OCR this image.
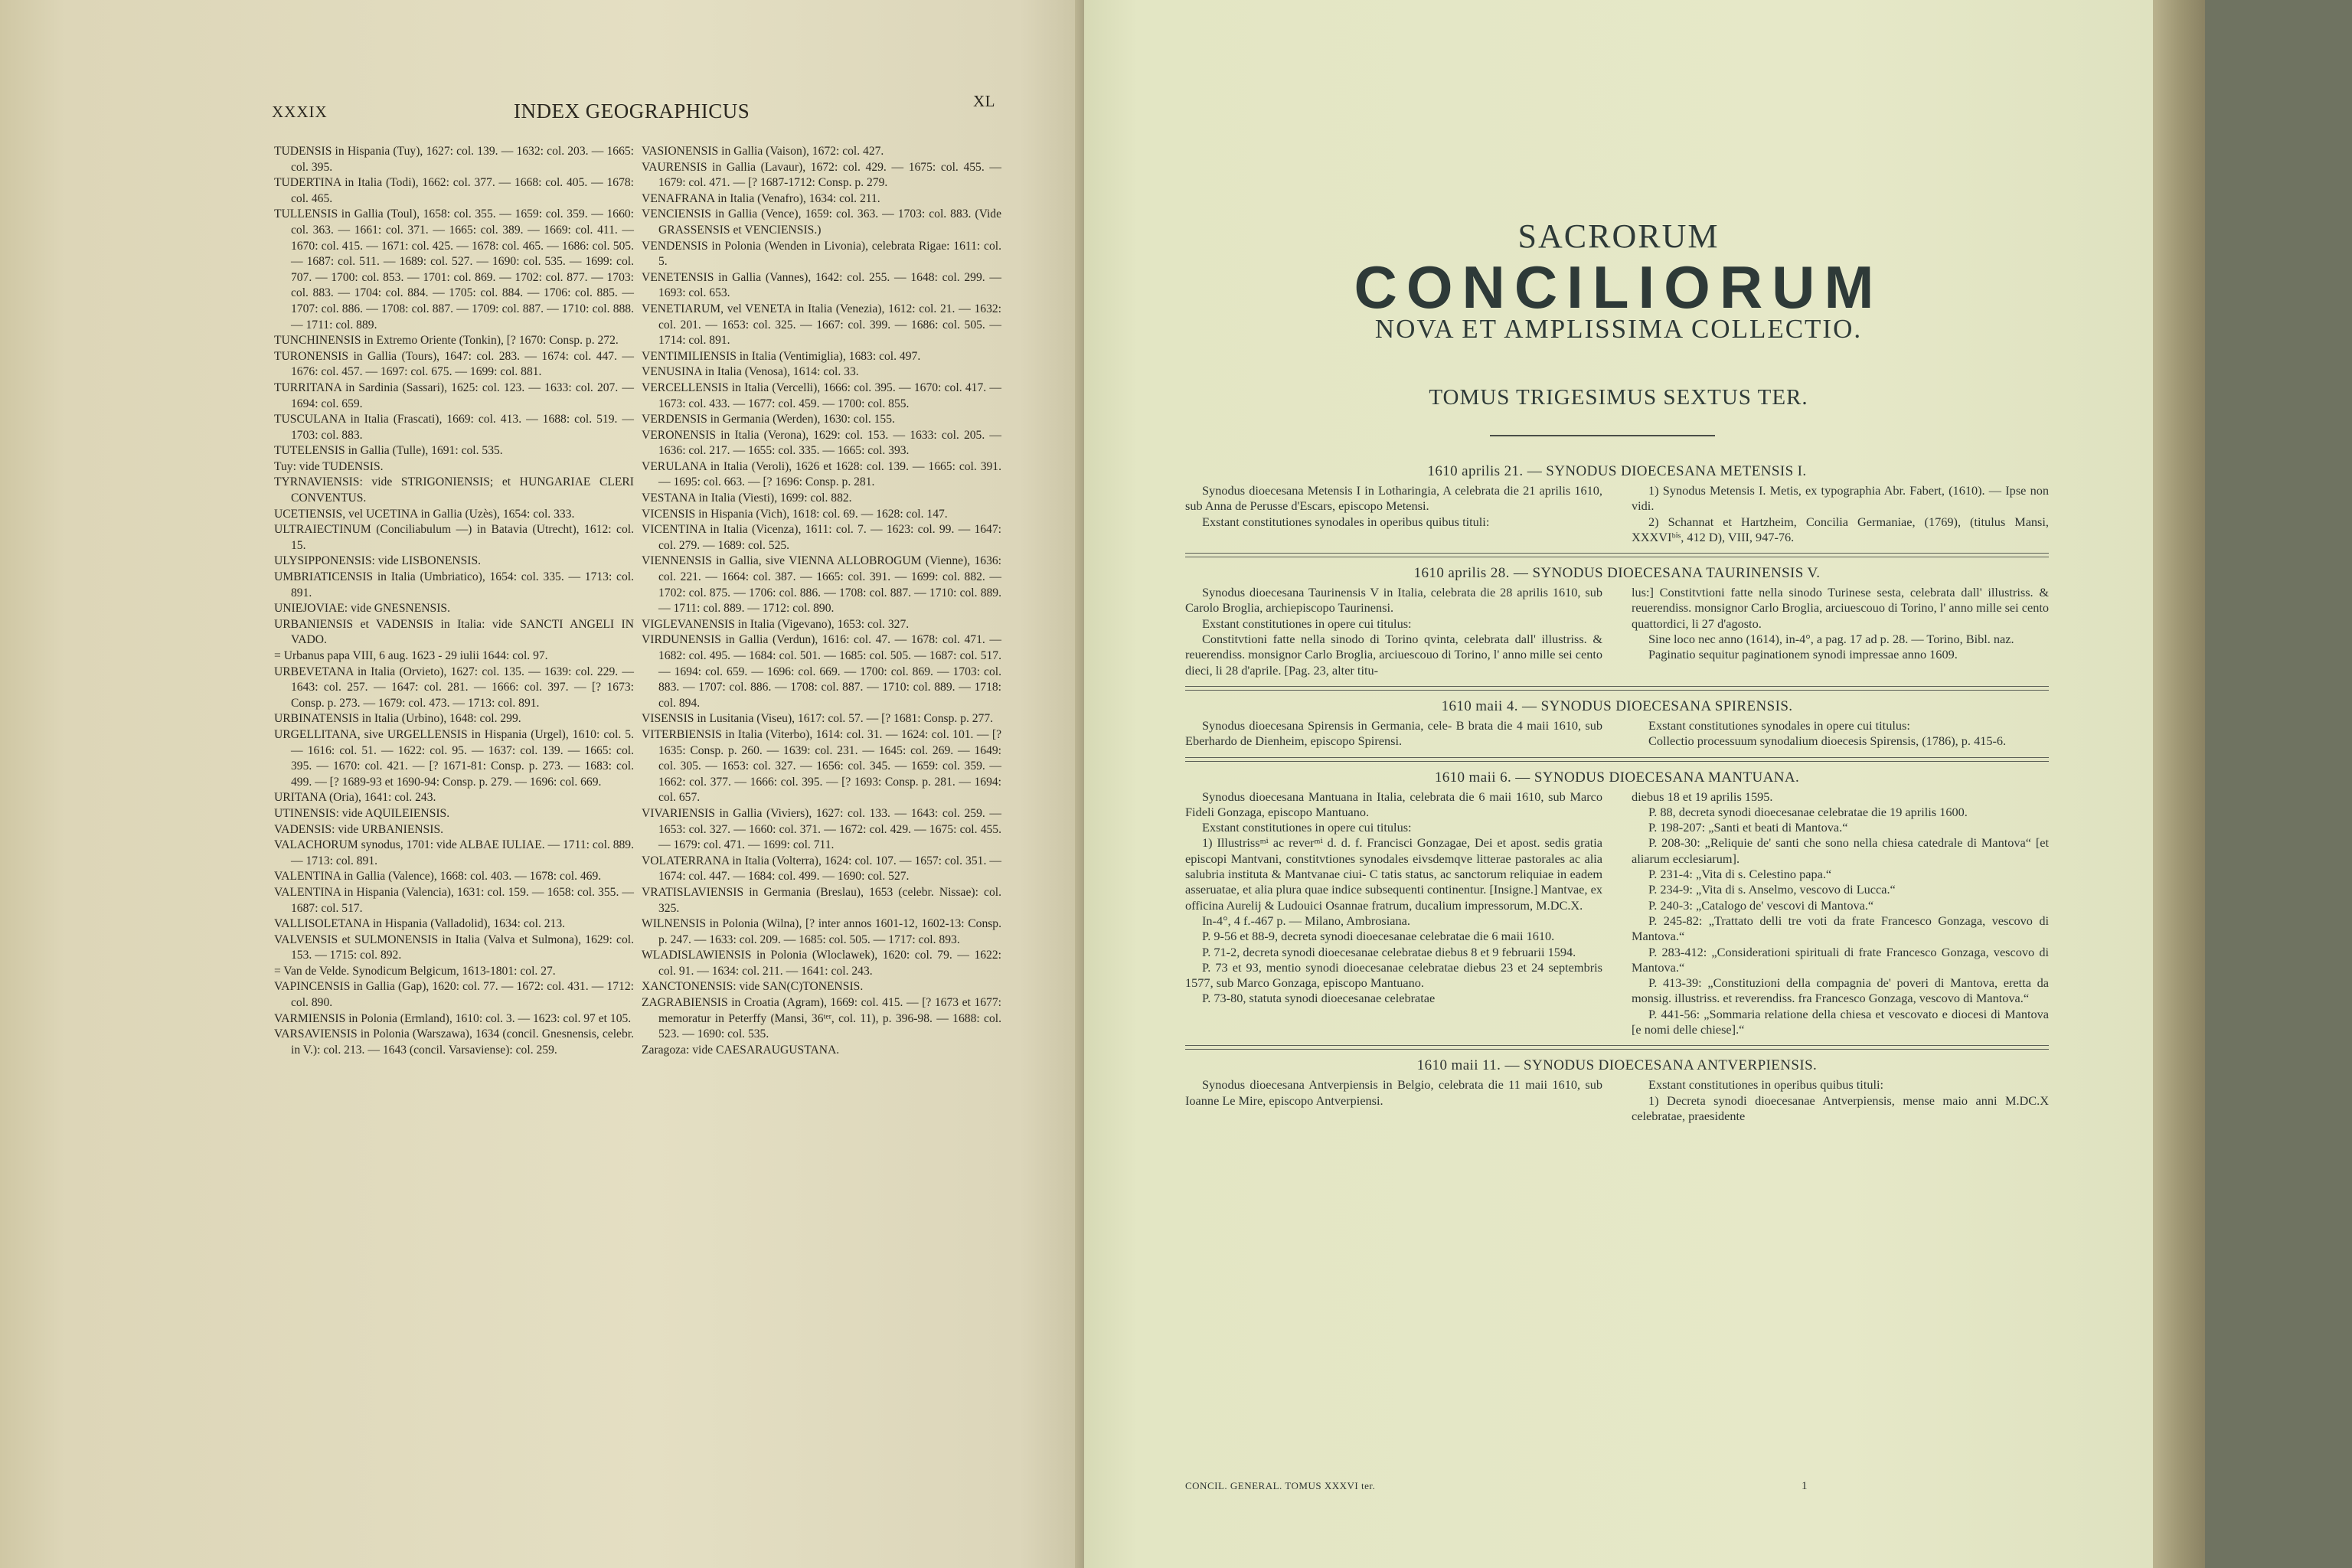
XXXIX	INDEX GEOGRAPHICUS	XL

TUDENSIS in Hispania (Tuy), 1627: col. 139. — 1632: col. 203. — 1665: col. 395.

TUDERTINA in Italia (Todi), 1662: col. 377. — 1668: col. 405. — 1678: col. 465.

TULLENSIS in Gallia (Toul), 1658: col. 355. — 1659: col. 359. — 1660: col. 363. — 1661: col. 371. — 1665: col. 389. — 1669: col. 411. — 1670: col. 415. — 1671: col. 425. — 1678: col. 465. — 1686: col. 505. — 1687: col. 511. — 1689: col. 527. — 1690: col. 535. — 1699: col. 707. — 1700: col. 853. — 1701: col. 869. — 1702: col. 877. — 1703: col. 883. — 1704: col. 884. — 1705: col. 884. — 1706: col. 885. — 1707: col. 886. — 1708: col. 887. — 1709: col. 887. — 1710: col. 888. — 1711: col. 889.

TUNCHINENSIS in Extremo Oriente (Tonkin), [? 1670: Consp. p. 272.

TURONENSIS in Gallia (Tours), 1647: col. 283. — 1674: col. 447. — 1676: col. 457. — 1697: col. 675. — 1699: col. 881.

TURRITANA in Sardinia (Sassari), 1625: col. 123. — 1633: col. 207. — 1694: col. 659.

TUSCULANA in Italia (Frascati), 1669: col. 413. — 1688: col. 519. — 1703: col. 883.

TUTELENSIS in Gallia (Tulle), 1691: col. 535.

Tuy: vide TUDENSIS.

TYRNAVIENSIS: vide STRIGONIENSIS; et HUNGARIAE CLERI CONVENTUS.

UCETIENSIS, vel UCETINA in Gallia (Uzès), 1654: col. 333.

ULTRAIECTINUM (Conciliabulum —) in Batavia (Utrecht), 1612: col. 15.

ULYSIPPONENSIS: vide LISBONENSIS.

UMBRIATICENSIS in Italia (Umbriatico), 1654: col. 335. — 1713: col. 891.

UNIEJOVIAE: vide GNESNENSIS.

URBANIENSIS et VADENSIS in Italia: vide SANCTI ANGELI IN VADO.

= Urbanus papa VIII, 6 aug. 1623 - 29 iulii 1644: col. 97.

URBEVETANA in Italia (Orvieto), 1627: col. 135. — 1639: col. 229. — 1643: col. 257. — 1647: col. 281. — 1666: col. 397. — [? 1673: Consp. p. 273. — 1679: col. 473. — 1713: col. 891.

URBINATENSIS in Italia (Urbino), 1648: col. 299.

URGELLITANA, sive URGELLENSIS in Hispania (Urgel), 1610: col. 5. — 1616: col. 51. — 1622: col. 95. — 1637: col. 139. — 1665: col. 395. — 1670: col. 421. — [? 1671-81: Consp. p. 273. — 1683: col. 499. — [? 1689-93 et 1690-94: Consp. p. 279. — 1696: col. 669.

URITANA (Oria), 1641: col. 243.

UTINENSIS: vide AQUILEIENSIS.

VADENSIS: vide URBANIENSIS.

VALACHORUM synodus, 1701: vide ALBAE IULIAE. — 1711: col. 889. — 1713: col. 891.

VALENTINA in Gallia (Valence), 1668: col. 403. — 1678: col. 469.

VALENTINA in Hispania (Valencia), 1631: col. 159. — 1658: col. 355. — 1687: col. 517.

VALLISOLETANA in Hispania (Valladolid), 1634: col. 213.

VALVENSIS et SULMONENSIS in Italia (Valva et Sulmona), 1629: col. 153. — 1715: col. 892.

= Van de Velde. Synodicum Belgicum, 1613-1801: col. 27.

VAPINCENSIS in Gallia (Gap), 1620: col. 77. — 1672: col. 431. — 1712: col. 890.

VARMIENSIS in Polonia (Ermland), 1610: col. 3. — 1623: col. 97 et 105.

VARSAVIENSIS in Polonia (Warszawa), 1634 (concil. Gnesnensis, celebr. in V.): col. 213. — 1643 (concil. Varsaviense): col. 259.

VASIONENSIS in Gallia (Vaison), 1672: col. 427.

VAURENSIS in Gallia (Lavaur), 1672: col. 429. — 1675: col. 455. — 1679: col. 471. — [? 1687-1712: Consp. p. 279.

VENAFRANA in Italia (Venafro), 1634: col. 211.

VENCIENSIS in Gallia (Vence), 1659: col. 363. — 1703: col. 883. (Vide GRASSENSIS et VENCIENSIS.)

VENDENSIS in Polonia (Wenden in Livonia), celebrata Rigae: 1611: col. 5.

VENETENSIS in Gallia (Vannes), 1642: col. 255. — 1648: col. 299. — 1693: col. 653.

VENETIARUM, vel VENETA in Italia (Venezia), 1612: col. 21. — 1632: col. 201. — 1653: col. 325. — 1667: col. 399. — 1686: col. 505. — 1714: col. 891.

VENTIMILIENSIS in Italia (Ventimiglia), 1683: col. 497.

VENUSINA in Italia (Venosa), 1614: col. 33.

VERCELLENSIS in Italia (Vercelli), 1666: col. 395. — 1670: col. 417. — 1673: col. 433. — 1677: col. 459. — 1700: col. 855.

VERDENSIS in Germania (Werden), 1630: col. 155.

VERONENSIS in Italia (Verona), 1629: col. 153. — 1633: col. 205. — 1636: col. 217. — 1655: col. 335. — 1665: col. 393.

VERULANA in Italia (Veroli), 1626 et 1628: col. 139. — 1665: col. 391. — 1695: col. 663. — [? 1696: Consp. p. 281.

VESTANA in Italia (Viesti), 1699: col. 882.

VICENSIS in Hispania (Vich), 1618: col. 69. — 1628: col. 147.

VICENTINA in Italia (Vicenza), 1611: col. 7. — 1623: col. 99. — 1647: col. 279. — 1689: col. 525.

VIENNENSIS in Gallia, sive VIENNA ALLOBROGUM (Vienne), 1636: col. 221. — 1664: col. 387. — 1665: col. 391. — 1699: col. 882. — 1702: col. 875. — 1706: col. 886. — 1708: col. 887. — 1710: col. 889. — 1711: col. 889. — 1712: col. 890.

VIGLEVANENSIS in Italia (Vigevano), 1653: col. 327.

VIRDUNENSIS in Gallia (Verdun), 1616: col. 47. — 1678: col. 471. — 1682: col. 495. — 1684: col. 501. — 1685: col. 505. — 1687: col. 517. — 1694: col. 659. — 1696: col. 669. — 1700: col. 869. — 1703: col. 883. — 1707: col. 886. — 1708: col. 887. — 1710: col. 889. — 1718: col. 894.

VISENSIS in Lusitania (Viseu), 1617: col. 57. — [? 1681: Consp. p. 277.

VITERBIENSIS in Italia (Viterbo), 1614: col. 31. — 1624: col. 101. — [? 1635: Consp. p. 260. — 1639: col. 231. — 1645: col. 269. — 1649: col. 305. — 1653: col. 327. — 1656: col. 345. — 1659: col. 359. — 1662: col. 377. — 1666: col. 395. — [? 1693: Consp. p. 281. — 1694: col. 657.

VIVARIENSIS in Gallia (Viviers), 1627: col. 133. — 1643: col. 259. — 1653: col. 327. — 1660: col. 371. — 1672: col. 429. — 1675: col. 455. — 1679: col. 471. — 1699: col. 711.

VOLATERRANA in Italia (Volterra), 1624: col. 107. — 1657: col. 351. — 1674: col. 447. — 1684: col. 499. — 1690: col. 527.

VRATISLAVIENSIS in Germania (Breslau), 1653 (celebr. Nissae): col. 325.

WILNENSIS in Polonia (Wilna), [? inter annos 1601-12, 1602-13: Consp. p. 247. — 1633: col. 209. — 1685: col. 505. — 1717: col. 893.

WLADISLAWIENSIS in Polonia (Wloclawek), 1620: col. 79. — 1622: col. 91. — 1634: col. 211. — 1641: col. 243.

XANCTONENSIS: vide SAN(C)TONENSIS.

ZAGRABIENSIS in Croatia (Agram), 1669: col. 415. — [? 1673 et 1677: memoratur in Peterffy (Mansi, 36ᵗᵉʳ, col. 11), p. 396-98. — 1688: col. 523. — 1690: col. 535.

Zaragoza: vide CAESARAUGUSTANA.

SACRORUM
CONCILIORUM
NOVA ET AMPLISSIMA COLLECTIO.
TOMUS TRIGESIMUS SEXTUS TER.
1610 aprilis 21. — SYNODUS DIOECESANA METENSIS I.

Synodus dioecesana Metensis I in Lotharingia, A celebrata die 21 aprilis 1610, sub Anna de Perusse d'Escars, episcopo Metensi.

Exstant constitutiones synodales in operibus quibus tituli:

1) Synodus Metensis I. Metis, ex typographia Abr. Fabert, (1610). — Ipse non vidi.

2) Schannat et Hartzheim, Concilia Germaniae, (1769), (titulus Mansi, XXXVIᵇⁱˢ, 412 D), VIII, 947-76.

1610 aprilis 28. — SYNODUS DIOECESANA TAURINENSIS V.

Synodus dioecesana Taurinensis V in Italia, celebrata die 28 aprilis 1610, sub Carolo Broglia, archiepiscopo Taurinensi.

Exstant constitutiones in opere cui titulus:

Constitvtioni fatte nella sinodo di Torino qvinta, celebrata dall' illustriss. & reuerendiss. monsignor Carlo Broglia, arciuescouo di Torino, l' anno mille sei cento dieci, li 28 d'aprile. [Pag. 23, alter titu-

lus:] Constitvtioni fatte nella sinodo Turinese sesta, celebrata dall' illustriss. & reuerendiss. monsignor Carlo Broglia, arciuescouo di Torino, l' anno mille sei cento quattordici, li 27 d'agosto.

Sine loco nec anno (1614), in-4°, a pag. 17 ad p. 28. — Torino, Bibl. naz.

Paginatio sequitur paginationem synodi impressae anno 1609.

1610 maii 4. — SYNODUS DIOECESANA SPIRENSIS.

Synodus dioecesana Spirensis in Germania, cele- B brata die 4 maii 1610, sub Eberhardo de Dienheim, episcopo Spirensi.

Exstant constitutiones synodales in opere cui titulus:

Collectio processuum synodalium dioecesis Spirensis, (1786), p. 415-6.

1610 maii 6. — SYNODUS DIOECESANA MANTUANA.

Synodus dioecesana Mantuana in Italia, celebrata die 6 maii 1610, sub Marco Fideli Gonzaga, episcopo Mantuano.

Exstant constitutiones in opere cui titulus:

1) Illustrissᵐⁱ ac reverᵐⁱ d. d. f. Francisci Gonzagae, Dei et apost. sedis gratia episcopi Mantvani, constitvtiones synodales eivsdemqve litterae pastorales ac alia salubria instituta & Mantvanae ciui- C tatis status, ac sanctorum reliquiae in eadem asseruatae, et alia plura quae indice subsequenti continentur. [Insigne.] Mantvae, ex officina Aurelij & Ludouici Osannae fratrum, ducalium impressorum, M.DC.X.

In-4°, 4 f.-467 p. — Milano, Ambrosiana.

P. 9-56 et 88-9, decreta synodi dioecesanae celebratae die 6 maii 1610.

P. 71-2, decreta synodi dioecesanae celebratae diebus 8 et 9 februarii 1594.

P. 73 et 93, mentio synodi dioecesanae celebratae diebus 23 et 24 septembris 1577, sub Marco Gonzaga, episcopo Mantuano.

P. 73-80, statuta synodi dioecesanae celebratae

diebus 18 et 19 aprilis 1595.

P. 88, decreta synodi dioecesanae celebratae die 19 aprilis 1600.

P. 198-207: „Santi et beati di Mantova.“

P. 208-30: „Reliquie de' santi che sono nella chiesa catedrale di Mantova“ [et aliarum ecclesiarum].

P. 231-4: „Vita di s. Celestino papa.“

P. 234-9: „Vita di s. Anselmo, vescovo di Lucca.“

P. 240-3: „Catalogo de' vescovi di Mantova.“

P. 245-82: „Trattato delli tre voti da frate Francesco Gonzaga, vescovo di Mantova.“

P. 283-412: „Considerationi spirituali di frate Francesco Gonzaga, vescovo di Mantova.“

P. 413-39: „Constituzioni della compagnia de' poveri di Mantova, eretta da monsig. illustriss. et reverendiss. fra Francesco Gonzaga, vescovo di Mantova.“

P. 441-56: „Sommaria relatione della chiesa et vescovato e diocesi di Mantova [e nomi delle chiese].“

1610 maii 11. — SYNODUS DIOECESANA ANTVERPIENSIS.

Synodus dioecesana Antverpiensis in Belgio, celebrata die 11 maii 1610, sub Ioanne Le Mire, episcopo Antverpiensi.

Exstant constitutiones in operibus quibus tituli:

1) Decreta synodi dioecesanae Antverpiensis, mense maio anni M.DC.X celebratae, praesidente

CONCIL. GENERAL. TOMUS XXXVI ter.	1
